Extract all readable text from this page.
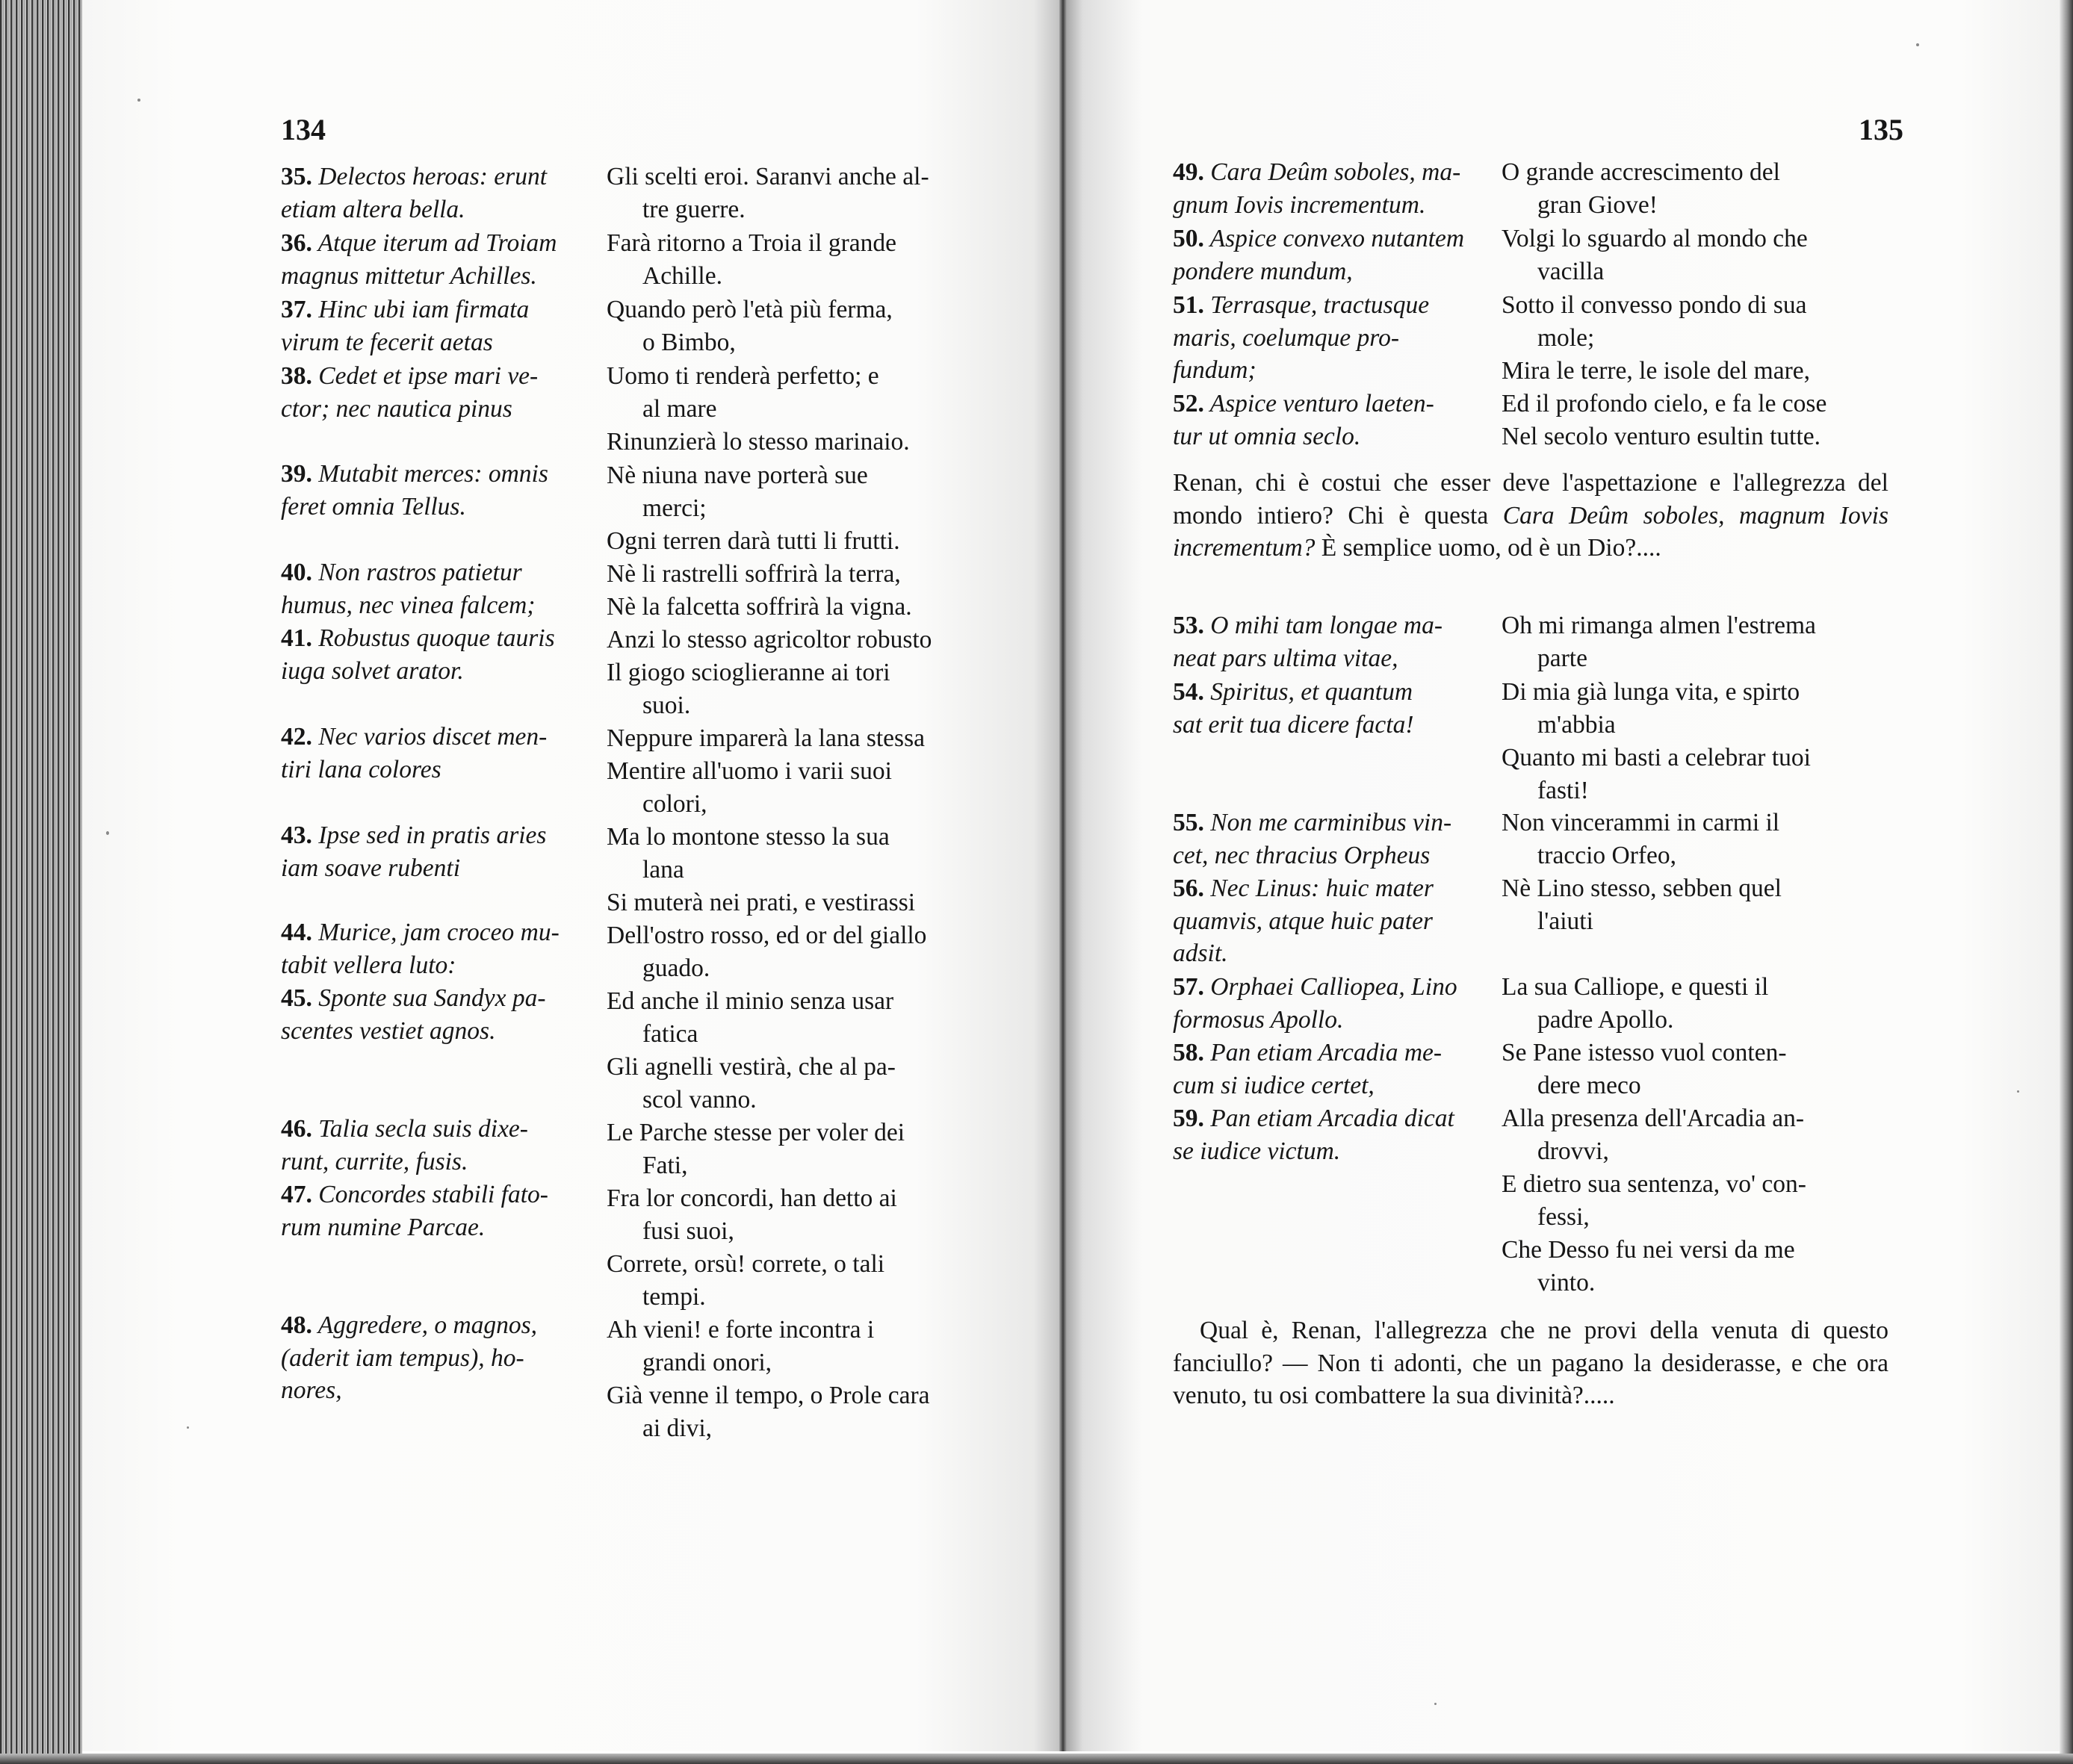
134	135

35. Delectos heroas: erunt
etiam altera bella.
36. Atque iterum ad Troiam
magnus mittetur Achilles.
37. Hinc ubi iam firmata
virum te fecerit aetas
38. Cedet et ipse mari ve-
ctor; nec nautica pinus
39. Mutabit merces: omnis
feret omnia Tellus.
40. Non rastros patietur
humus, nec vinea falcem;
41. Robustus quoque tauris
iuga solvet arator.
42. Nec varios discet men-
tiri lana colores
43. Ipse sed in pratis aries
iam soave rubenti
44. Murice, jam croceo mu-
tabit vellera luto:
45. Sponte sua Sandyx pa-
scentes vestiet agnos.
46. Talia secla suis dixe-
runt, currite, fusis.
47. Concordes stabili fato-
rum numine Parcae.
48. Aggredere, o magnos,
(aderit iam tempus), ho-
nores,
Gli scelti eroi. Saranvi anche al-
tre guerre.
Farà ritorno a Troia il grande
Achille.
Quando però l'età più ferma,
o Bimbo,
Uomo ti renderà perfetto; e
al mare
Rinunzierà lo stesso marinaio.
Nè niuna nave porterà sue
merci;
Ogni terren darà tutti li frutti.
Nè li rastrelli soffrirà la terra,
Nè la falcetta soffrirà la vigna.
Anzi lo stesso agricoltor robusto
Il giogo scioglieranne ai tori
suoi.
Neppure imparerà la lana stessa
Mentire all'uomo i varii suoi
colori,
Ma lo montone stesso la sua
lana
Si muterà nei prati, e vestirassi
Dell'ostro rosso, ed or del giallo
guado.
Ed anche il minio senza usar
fatica
Gli agnelli vestirà, che al pa-
scol vanno.
Le Parche stesse per voler dei
Fati,
Fra lor concordi, han detto ai
fusi suoi,
Correte, orsù! correte, o tali
tempi.
Ah vieni! e forte incontra i
grandi onori,
Già venne il tempo, o Prole cara
ai divi,
49. Cara Deûm soboles, ma-
gnum Iovis incrementum.
50. Aspice convexo nutantem
pondere mundum,
51. Terrasque, tractusque
maris, coelumque pro-
fundum;
52. Aspice venturo laeten-
tur ut omnia seclo.
O grande accrescimento del
gran Giove!
Volgi lo sguardo al mondo che
vacilla
Sotto il convesso pondo di sua
mole;
Mira le terre, le isole del mare,
Ed il profondo cielo, e fa le cose
Nel secolo venturo esultin tutte.

Renan, chi è costui che esser deve l'aspettazione e l'allegrezza del mondo intiero? Chi è questa Cara Deûm soboles, magnum Iovis incrementum? È semplice uomo, od è un Dio?....

53. O mihi tam longae ma-
neat pars ultima vitae,
54. Spiritus, et quantum
sat erit tua dicere facta!
55. Non me carminibus vin-
cet, nec thracius Orpheus
56. Nec Linus: huic mater
quamvis, atque huic pater
adsit.
57. Orphaei Calliopea, Lino
formosus Apollo.
58. Pan etiam Arcadia me-
cum si iudice certet,
59. Pan etiam Arcadia dicat
se iudice victum.
Oh mi rimanga almen l'estrema
parte
Di mia già lunga vita, e spirto
m'abbia
Quanto mi basti a celebrar tuoi
fasti!
Non vincerammi in carmi il
traccio Orfeo,
Nè Lino stesso, sebben quel
l'aiuti
La sua Calliope, e questi il
padre Apollo.
Se Pane istesso vuol conten-
dere meco
Alla presenza dell'Arcadia an-
drovvi,
E dietro sua sentenza, vo' con-
fessi,
Che Desso fu nei versi da me
vinto.

Qual è, Renan, l'allegrezza che ne provi della venuta di questo fanciullo? — Non ti adonti, che un pagano la desiderasse, e che ora venuto, tu osi combattere la sua divinità?.....
